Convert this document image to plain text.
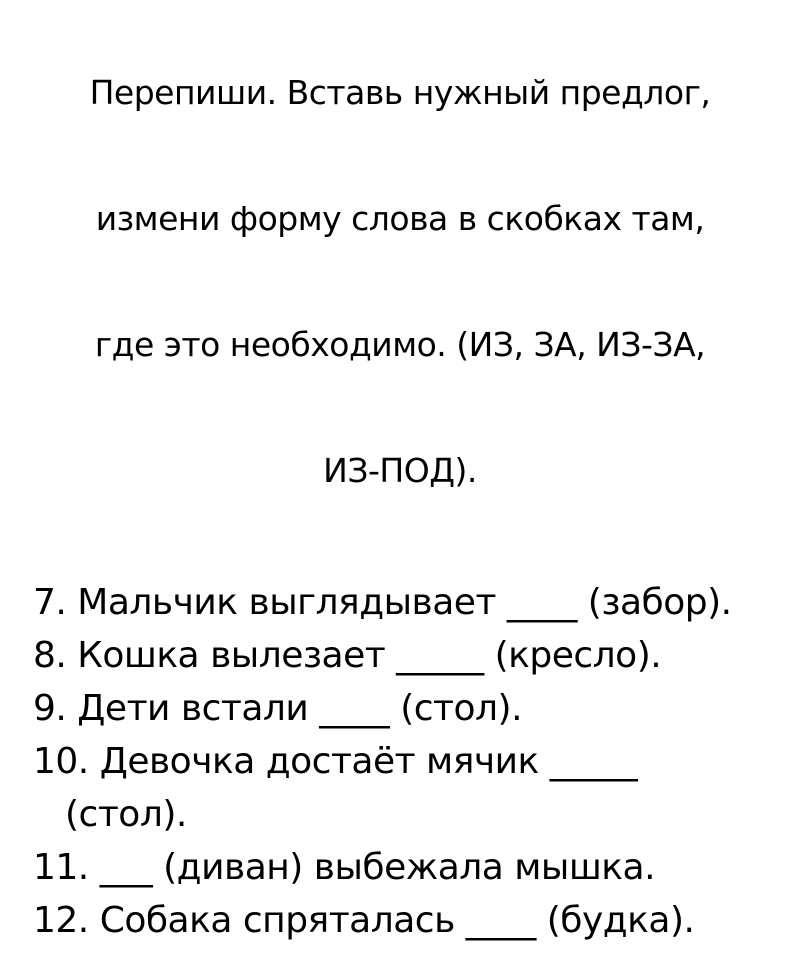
Перепиши. Вставь нужный предлог,

измени форму слова в скобках там,

где это необходимо. (ИЗ, ЗА, ИЗ-ЗА,

ИЗ-ПОД).

7. Мальчик выглядывает ____ (забор).
8. Кошка вылезает _____ (кресло).
9. Дети встали ____ (стол).
10. Девочка достаёт мячик _____
(стол).
11. ___ (диван) выбежала мышка.
12. Собака спряталась ____ (будка).
